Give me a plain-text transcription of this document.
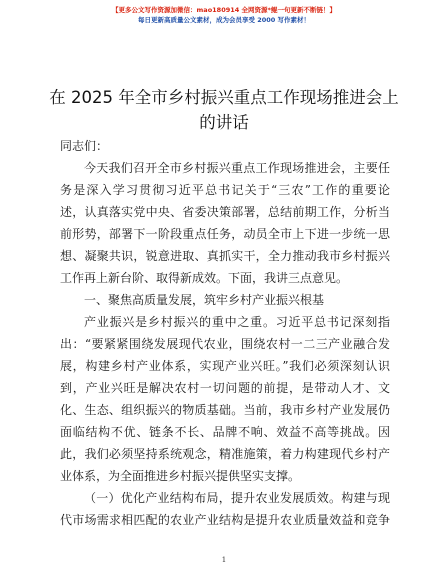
【更多公文写作资源加微信：mao180914 全网资源*鲲一句更新不断链！】
每日更新高质量公文素材，成为会员享受 2000 写作素材！
在 2025 年全市乡村振兴重点工作现场推进会上
的讲话
同志们：
今天我们召开全市乡村振兴重点工作现场推进会，主要任
务是深入学习贯彻习近平总书记关于“三农”工作的重要论
述，认真落实党中央、省委决策部署，总结前期工作，分析当
前形势，部署下一阶段重点任务，动员全市上下进一步统一思
想、凝聚共识，锐意进取、真抓实干，全力推动我市乡村振兴
工作再上新台阶、取得新成效。下面，我讲三点意见。
一、聚焦高质量发展，筑牢乡村产业振兴根基
产业振兴是乡村振兴的重中之重。习近平总书记深刻指
出：“要紧紧围绕发展现代农业，围绕农村一二三产业融合发
展，构建乡村产业体系，实现产业兴旺。”我们必须深刻认识
到，产业兴旺是解决农村一切问题的前提，是带动人才、文
化、生态、组织振兴的物质基础。当前，我市乡村产业发展仍
面临结构不优、链条不长、品牌不响、效益不高等挑战。因
此，我们必须坚持系统观念，精准施策，着力构建现代乡村产
业体系，为全面推进乡村振兴提供坚实支撑。
（一）优化产业结构布局，提升农业发展质效。构建与现
代市场需求相匹配的农业产业结构是提升农业质量效益和竞争
1
